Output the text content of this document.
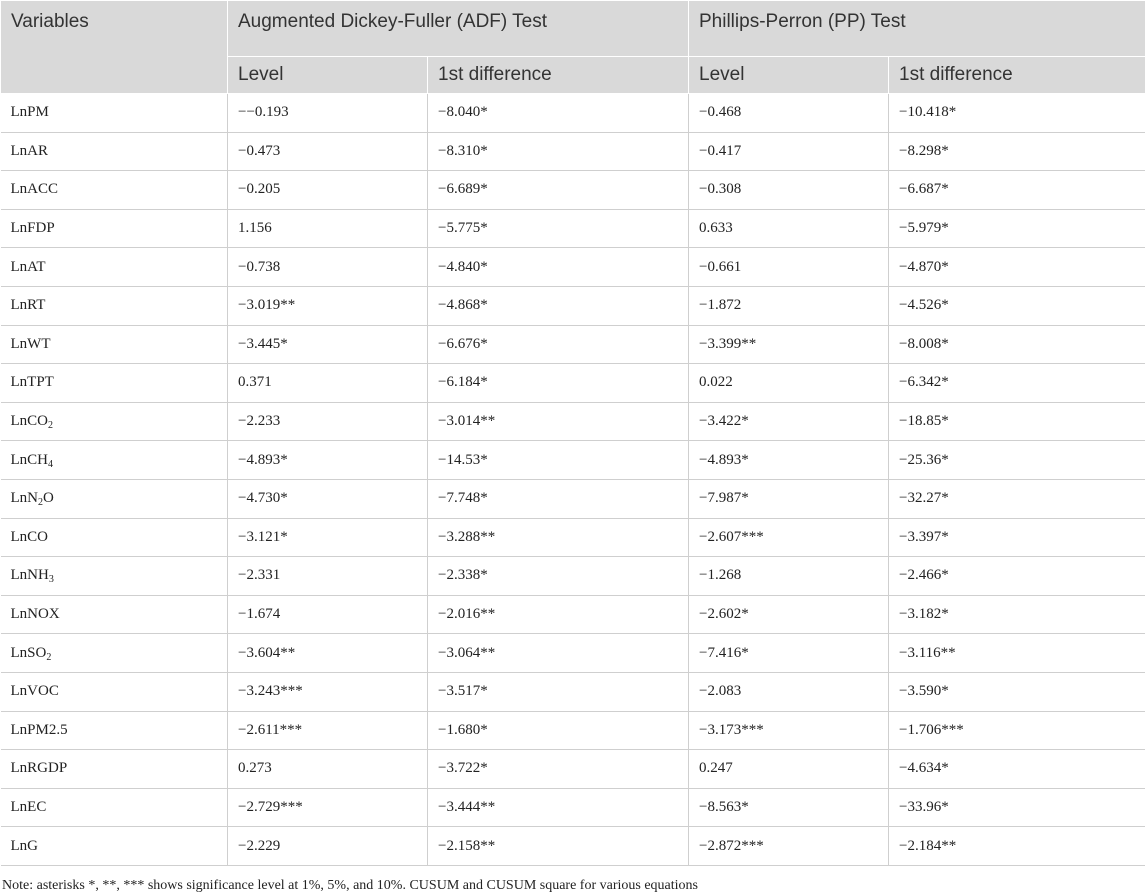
Variables	Augmented Dickey-Fuller (ADF) Test		Phillips-Perron (PP) Test	
	Level	1st difference	Level	1st difference
LnPM	−−0.193	−8.040*	−0.468	−10.418*
LnAR	−0.473	−8.310*	−0.417	−8.298*
LnACC	−0.205	−6.689*	−0.308	−6.687*
LnFDP	1.156	−5.775*	0.633	−5.979*
LnAT	−0.738	−4.840*	−0.661	−4.870*
LnRT	−3.019**	−4.868*	−1.872	−4.526*
LnWT	−3.445*	−6.676*	−3.399**	−8.008*
LnTPT	0.371	−6.184*	0.022	−6.342*
LnCO$_2$	−2.233	−3.014**	−3.422*	−18.85*
LnCH$_4$	−4.893*	−14.53*	−4.893*	−25.36*
LnN$_2$O	−4.730*	−7.748*	−7.987*	−32.27*
LnCO	−3.121*	−3.288**	−2.607***	−3.397*
LnNH$_3$	−2.331	−2.338*	−1.268	−2.466*
LnNOX	−1.674	−2.016**	−2.602*	−3.182*
LnSO$_2$	−3.604**	−3.064**	−7.416*	−3.116**
LnVOC	−3.243***	−3.517*	−2.083	−3.590*
LnPM2.5	−2.611***	−1.680*	−3.173***	−1.706***
LnRGDP	0.273	−3.722*	0.247	−4.634*
LnEC	−2.729***	−3.444**	−8.563*	−33.96*
LnG	−2.229	−2.158**	−2.872***	−2.184**
Note: asterisks *, **, *** shows significance level at 1%, 5%, and 10%. CUSUM and CUSUM square for various equations
